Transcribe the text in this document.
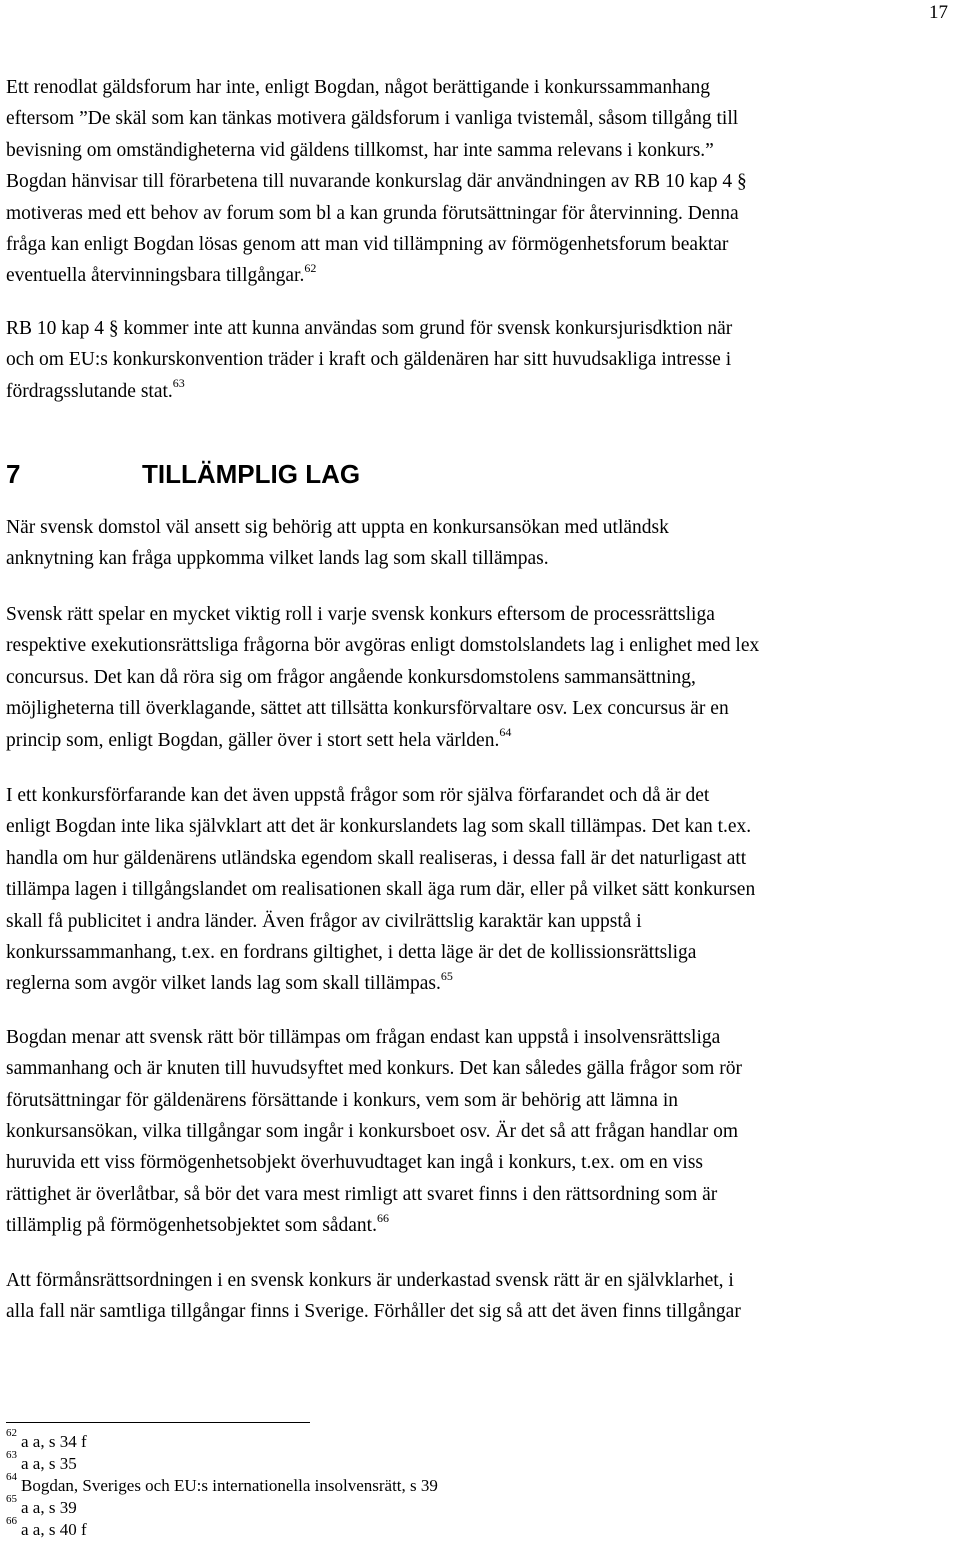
17

Ett renodlat gäldsforum har inte, enligt Bogdan, något berättigande i konkurssammanhang
eftersom ”De skäl som kan tänkas motivera gäldsforum i vanliga tvistemål, såsom tillgång till
bevisning om omständigheterna vid gäldens tillkomst, har inte samma relevans i konkurs.”
Bogdan hänvisar till förarbetena till nuvarande konkurslag där användningen av RB 10 kap 4 §
motiveras med ett behov av forum som bl a kan grunda förutsättningar för återvinning. Denna
fråga kan enligt Bogdan lösas genom att man vid tillämpning av förmögenhetsforum beaktar
eventuella återvinningsbara tillgångar.$^{62}$

RB 10 kap 4 § kommer inte att kunna användas som grund för svensk konkursjurisdktion när
och om EU:s konkurskonvention träder i kraft och gäldenären har sitt huvudsakliga intresse i
fördragsslutande stat.$^{63}$

7	TILLÄMPLIG LAG

När svensk domstol väl ansett sig behörig att uppta en konkursansökan med utländsk
anknytning kan fråga uppkomma vilket lands lag som skall tillämpas.

Svensk rätt spelar en mycket viktig roll i varje svensk konkurs eftersom de processrättsliga
respektive exekutionsrättsliga frågorna bör avgöras enligt domstolslandets lag i enlighet med lex
concursus. Det kan då röra sig om frågor angående konkursdomstolens sammansättning,
möjligheterna till överklagande, sättet att tillsätta konkursförvaltare osv. Lex concursus är en
princip som, enligt Bogdan, gäller över i stort sett hela världen.$^{64}$

I ett konkursförfarande kan det även uppstå frågor som rör själva förfarandet och då är det
enligt Bogdan inte lika självklart att det är konkurslandets lag som skall tillämpas. Det kan t.ex.
handla om hur gäldenärens utländska egendom skall realiseras, i dessa fall är det naturligast att
tillämpa lagen i tillgångslandet om realisationen skall äga rum där, eller på vilket sätt konkursen
skall få publicitet i andra länder. Även frågor av civilrättslig karaktär kan uppstå i
konkurssammanhang, t.ex. en fordrans giltighet, i detta läge är det de kollissionsrättsliga
reglerna som avgör vilket lands lag som skall tillämpas.$^{65}$

Bogdan menar att svensk rätt bör tillämpas om frågan endast kan uppstå i insolvensrättsliga
sammanhang och är knuten till huvudsyftet med konkurs. Det kan således gälla frågor som rör
förutsättningar för gäldenärens försättande i konkurs, vem som är behörig att lämna in
konkursansökan, vilka tillgångar som ingår i konkursboet osv. Är det så att frågan handlar om
huruvida ett viss förmögenhetsobjekt överhuvudtaget kan ingå i konkurs, t.ex. om en viss
rättighet är överlåtbar, så bör det vara mest rimligt att svaret finns i den rättsordning som är
tillämplig på förmögenhetsobjektet som sådant.$^{66}$

Att förmånsrättsordningen i en svensk konkurs är underkastad svensk rätt är en självklarhet, i
alla fall när samtliga tillgångar finns i Sverige. Förhåller det sig så att det även finns tillgångar

$^{62}$ a a, s 34 f

$^{63}$ a a, s 35

$^{64}$ Bogdan, Sveriges och EU:s internationella insolvensrätt, s 39

$^{65}$ a a, s 39

$^{66}$ a a, s 40 f
